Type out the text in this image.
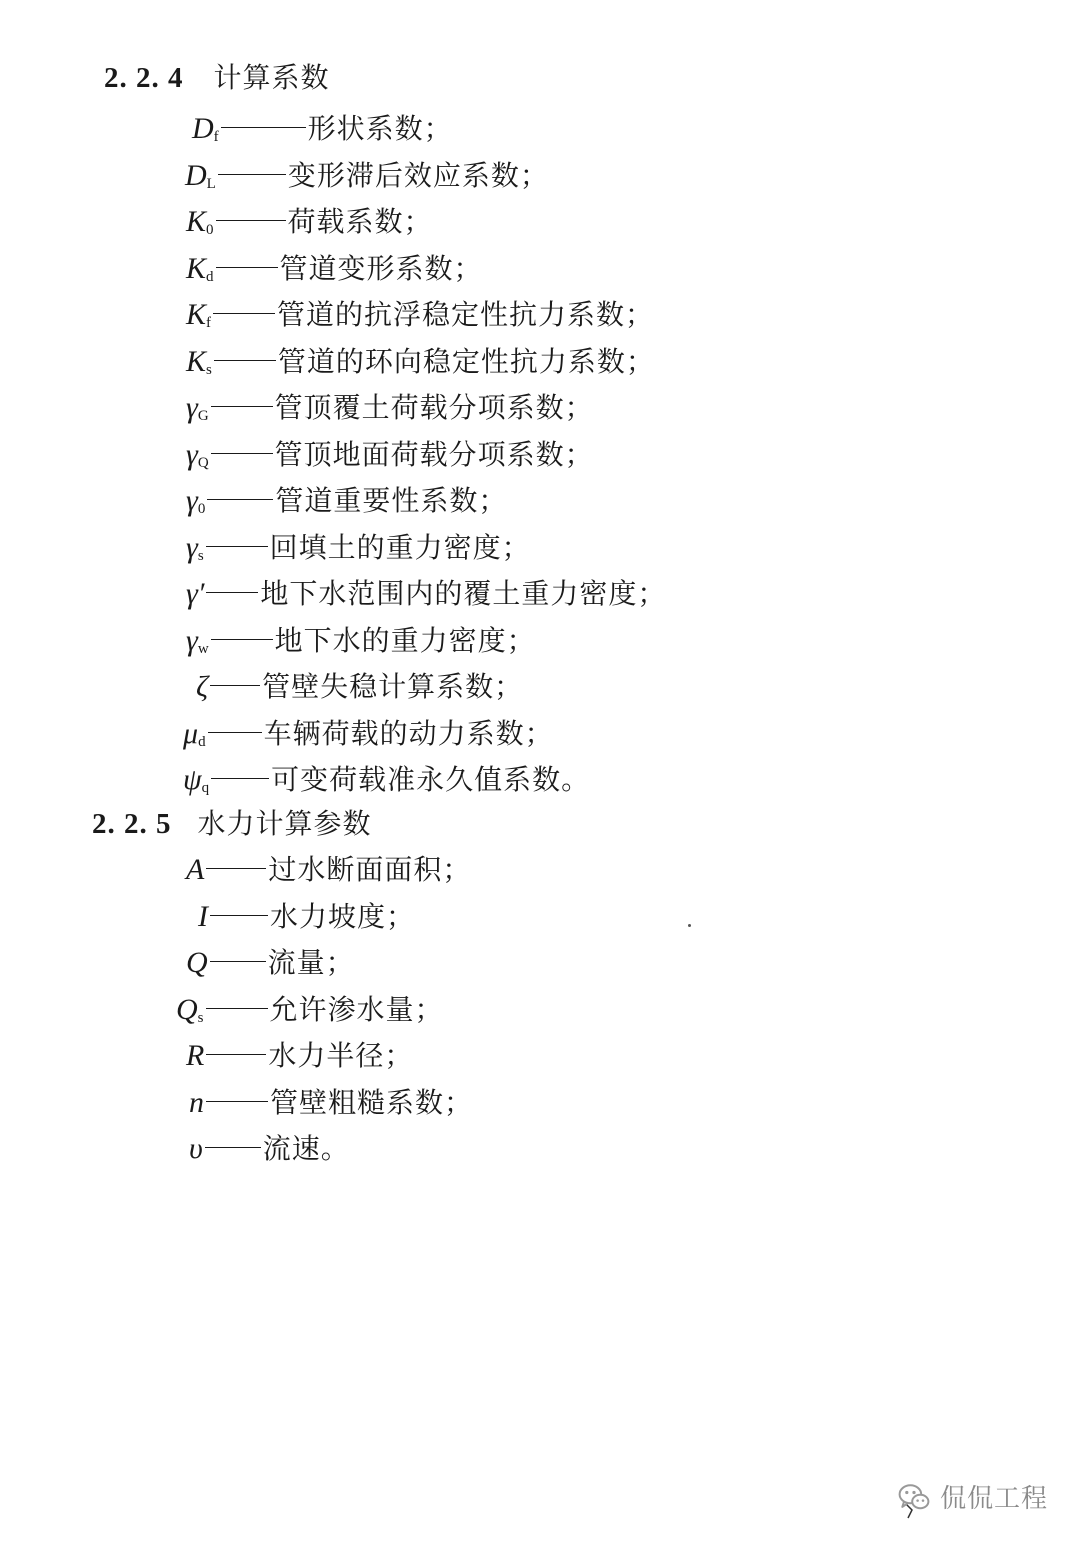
2. 2. 4 计算系数
$D_f$	形状系数；
$D_L$	变形滞后效应系数；
$K_0$	荷载系数；
$K_d$ 管道变形系数；
$K_f$ 管道的抗浮稳定性抗力系数；
$K_s$ 管道的环向稳定性抗力系数；
$\gamma_G$ 管顶覆土荷载分项系数；
$\gamma_Q$ 管顶地面荷载分项系数；
$\gamma_0$	管道重要性系数；
$\gamma_s$ 回填土的重力密度；
γ′ 地下水范围内的覆土重力密度；
$\gamma_w$ 地下水的重力密度；
ζ 管壁失稳计算系数；
$\mu_d$ 车辆荷载的动力系数；
$\psi_q$ 可变荷载准永久值系数。
2. 2. 5 水力计算参数
A 过水断面面积；
I 水力坡度；
Q 流量；
$Q_s$ 允许渗水量；
R 水力半径；
n 管壁粗糙系数；
υ 流速。
侃侃工程
